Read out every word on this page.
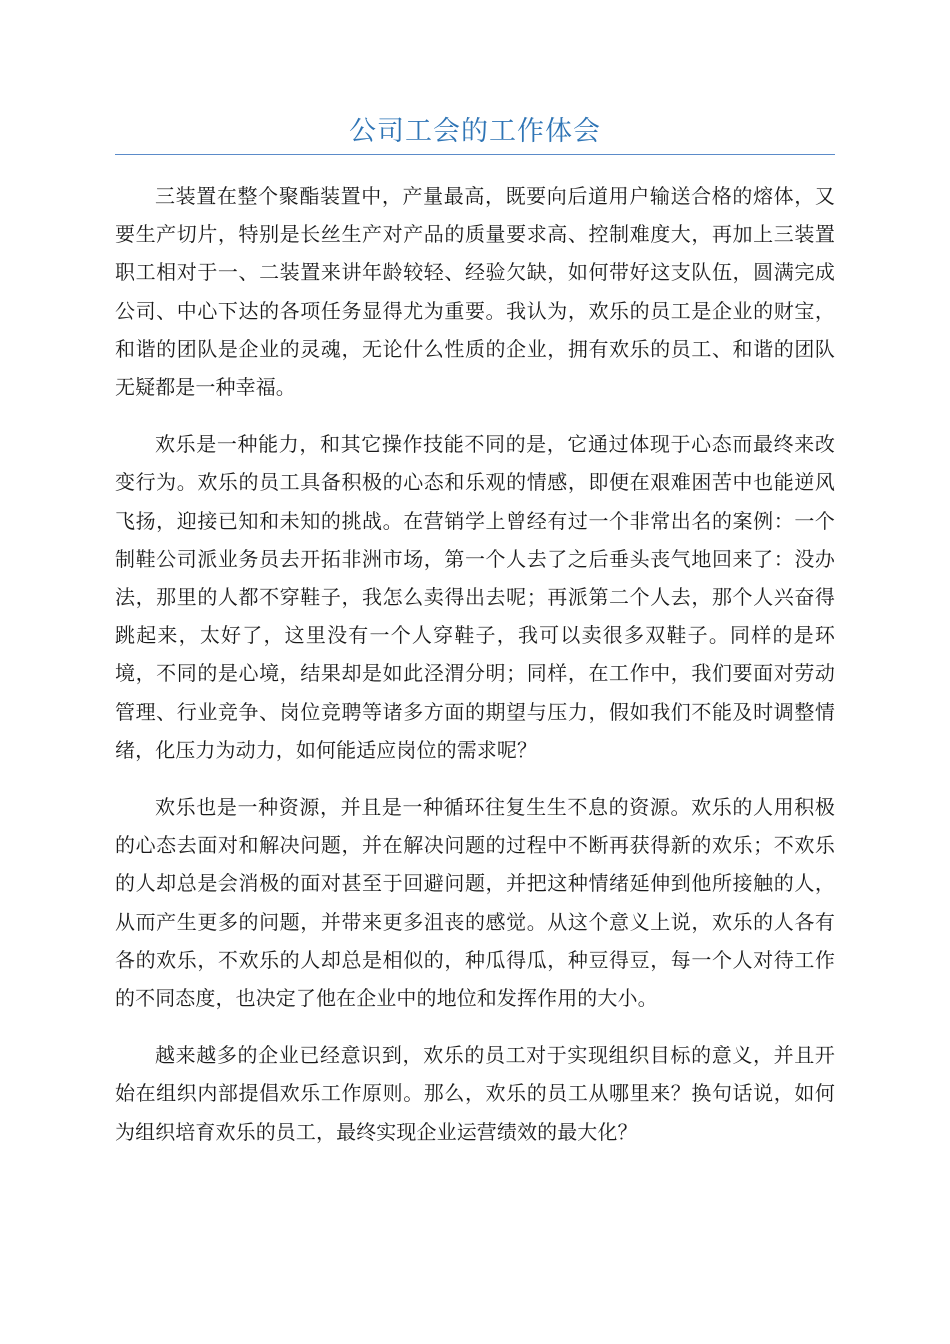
公司工会的工作体会

三装置在整个聚酯装置中，产量最高，既要向后道用户输送合格的熔体，又要生产切片，特别是长丝生产对产品的质量要求高、控制难度大，再加上三装置职工相对于一、二装置来讲年龄较轻、经验欠缺，如何带好这支队伍，圆满完成公司、中心下达的各项任务显得尤为重要。我认为，欢乐的员工是企业的财宝，和谐的团队是企业的灵魂，无论什么性质的企业，拥有欢乐的员工、和谐的团队无疑都是一种幸福。

欢乐是一种能力，和其它操作技能不同的是，它通过体现于心态而最终来改变行为。欢乐的员工具备积极的心态和乐观的情感，即便在艰难困苦中也能逆风飞扬，迎接已知和未知的挑战。在营销学上曾经有过一个非常出名的案例：一个制鞋公司派业务员去开拓非洲市场，第一个人去了之后垂头丧气地回来了：没办法，那里的人都不穿鞋子，我怎么卖得出去呢；再派第二个人去，那个人兴奋得跳起来，太好了，这里没有一个人穿鞋子，我可以卖很多双鞋子。同样的是环境，不同的是心境，结果却是如此泾渭分明；同样，在工作中，我们要面对劳动管理、行业竞争、岗位竞聘等诸多方面的期望与压力，假如我们不能及时调整情绪，化压力为动力，如何能适应岗位的需求呢？

欢乐也是一种资源，并且是一种循环往复生生不息的资源。欢乐的人用积极的心态去面对和解决问题，并在解决问题的过程中不断再获得新的欢乐；不欢乐的人却总是会消极的面对甚至于回避问题，并把这种情绪延伸到他所接触的人，从而产生更多的问题，并带来更多沮丧的感觉。从这个意义上说，欢乐的人各有各的欢乐，不欢乐的人却总是相似的，种瓜得瓜，种豆得豆，每一个人对待工作的不同态度，也决定了他在企业中的地位和发挥作用的大小。

越来越多的企业已经意识到，欢乐的员工对于实现组织目标的意义，并且开始在组织内部提倡欢乐工作原则。那么，欢乐的员工从哪里来？换句话说，如何为组织培育欢乐的员工，最终实现企业运营绩效的最大化？
